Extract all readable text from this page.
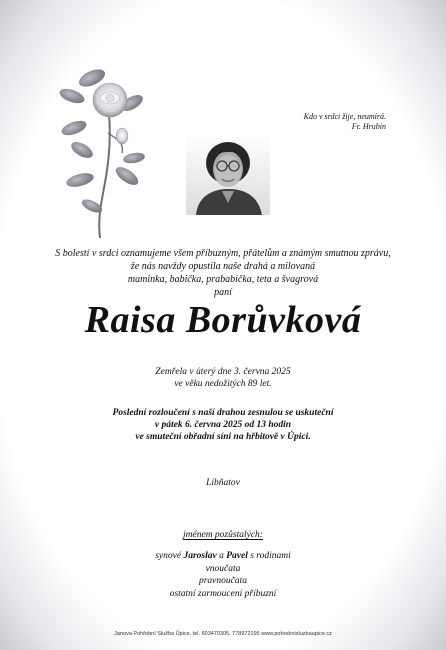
Kdo v srdci žije, neumírá.
Fr. Hrubín
S bolestí v srdci oznamujeme všem příbuzným, přátelům a známým smutnou zprávu,
že nás navždy opustila naše drahá a milovaná
maminka, babička, prababička, teta a švagrová
paní
Raisa Borůvková
Zemřela v úterý dne 3. června 2025
ve věku nedožitých 89 let.
Poslední rozloučení s naší drahou zesnulou se uskuteční
v pátek 6. června 2025 od 13 hodin
ve smuteční obřadní síni na hřbitově v Úpici.
Libňatov
jménem pozůstalých:
synové Jaroslav a Pavel s rodinami
vnoučata
pravnoučata
ostatní zarmoucení příbuzní
Janova Pohřební Služba Úpice, tel. 603470305, 778972195 www.pohrebnisluzbaupice.cz
